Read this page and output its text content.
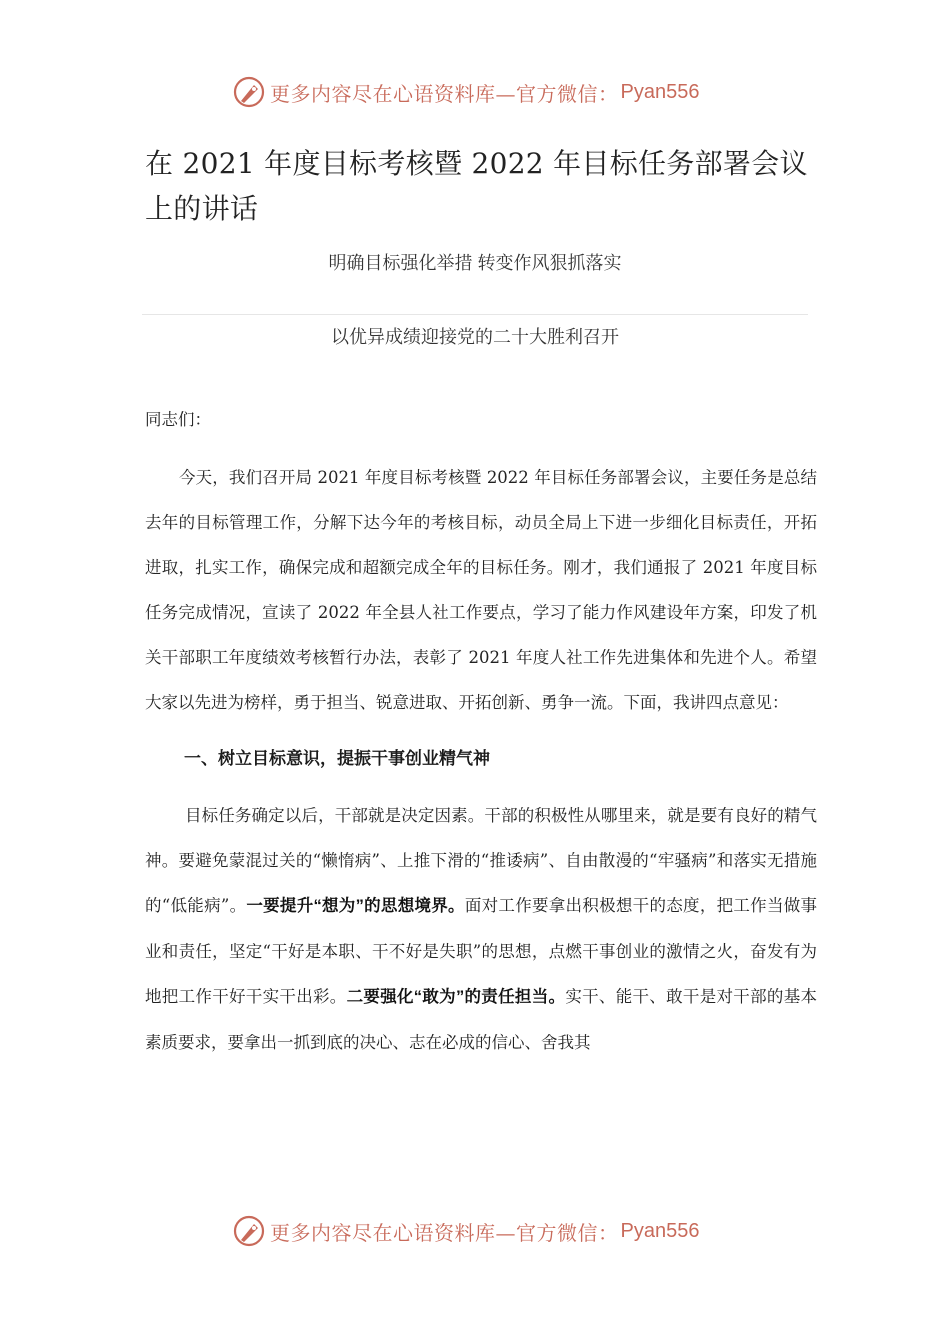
更多内容尽在心语资料库—官方微信： Pyan556
在 2021 年度目标考核暨 2022 年目标任务部署会议上的讲话
明确目标强化举措 转变作风狠抓落实
以优异成绩迎接党的二十大胜利召开

同志们：

今天，我们召开局 2021 年度目标考核暨 2022 年目标任务部署会议，主要任务是总结去年的目标管理工作，分解下达今年的考核目标，动员全局上下进一步细化目标责任，开拓进取，扎实工作，确保完成和超额完成全年的目标任务。刚才，我们通报了 2021 年度目标任务完成情况，宣读了 2022 年全县人社工作要点，学习了能力作风建设年方案，印发了机关干部职工年度绩效考核暂行办法，表彰了 2021 年度人社工作先进集体和先进个人。希望大家以先进为榜样，勇于担当、锐意进取、开拓创新、勇争一流。下面，我讲四点意见：

一、树立目标意识，提振干事创业精气神

目标任务确定以后，干部就是决定因素。干部的积极性从哪里来，就是要有良好的精气神。要避免蒙混过关的“懒惰病”、上推下滑的“推诿病”、自由散漫的“牢骚病”和落实无措施的“低能病”。一要提升“想为”的思想境界。面对工作要拿出积极想干的态度，把工作当做事业和责任，坚定“干好是本职、干不好是失职”的思想，点燃干事创业的激情之火，奋发有为地把工作干好干实干出彩。二要强化“敢为”的责任担当。实干、能干、敢干是对干部的基本素质要求，要拿出一抓到底的决心、志在必成的信心、舍我其

更多内容尽在心语资料库—官方微信： Pyan556
